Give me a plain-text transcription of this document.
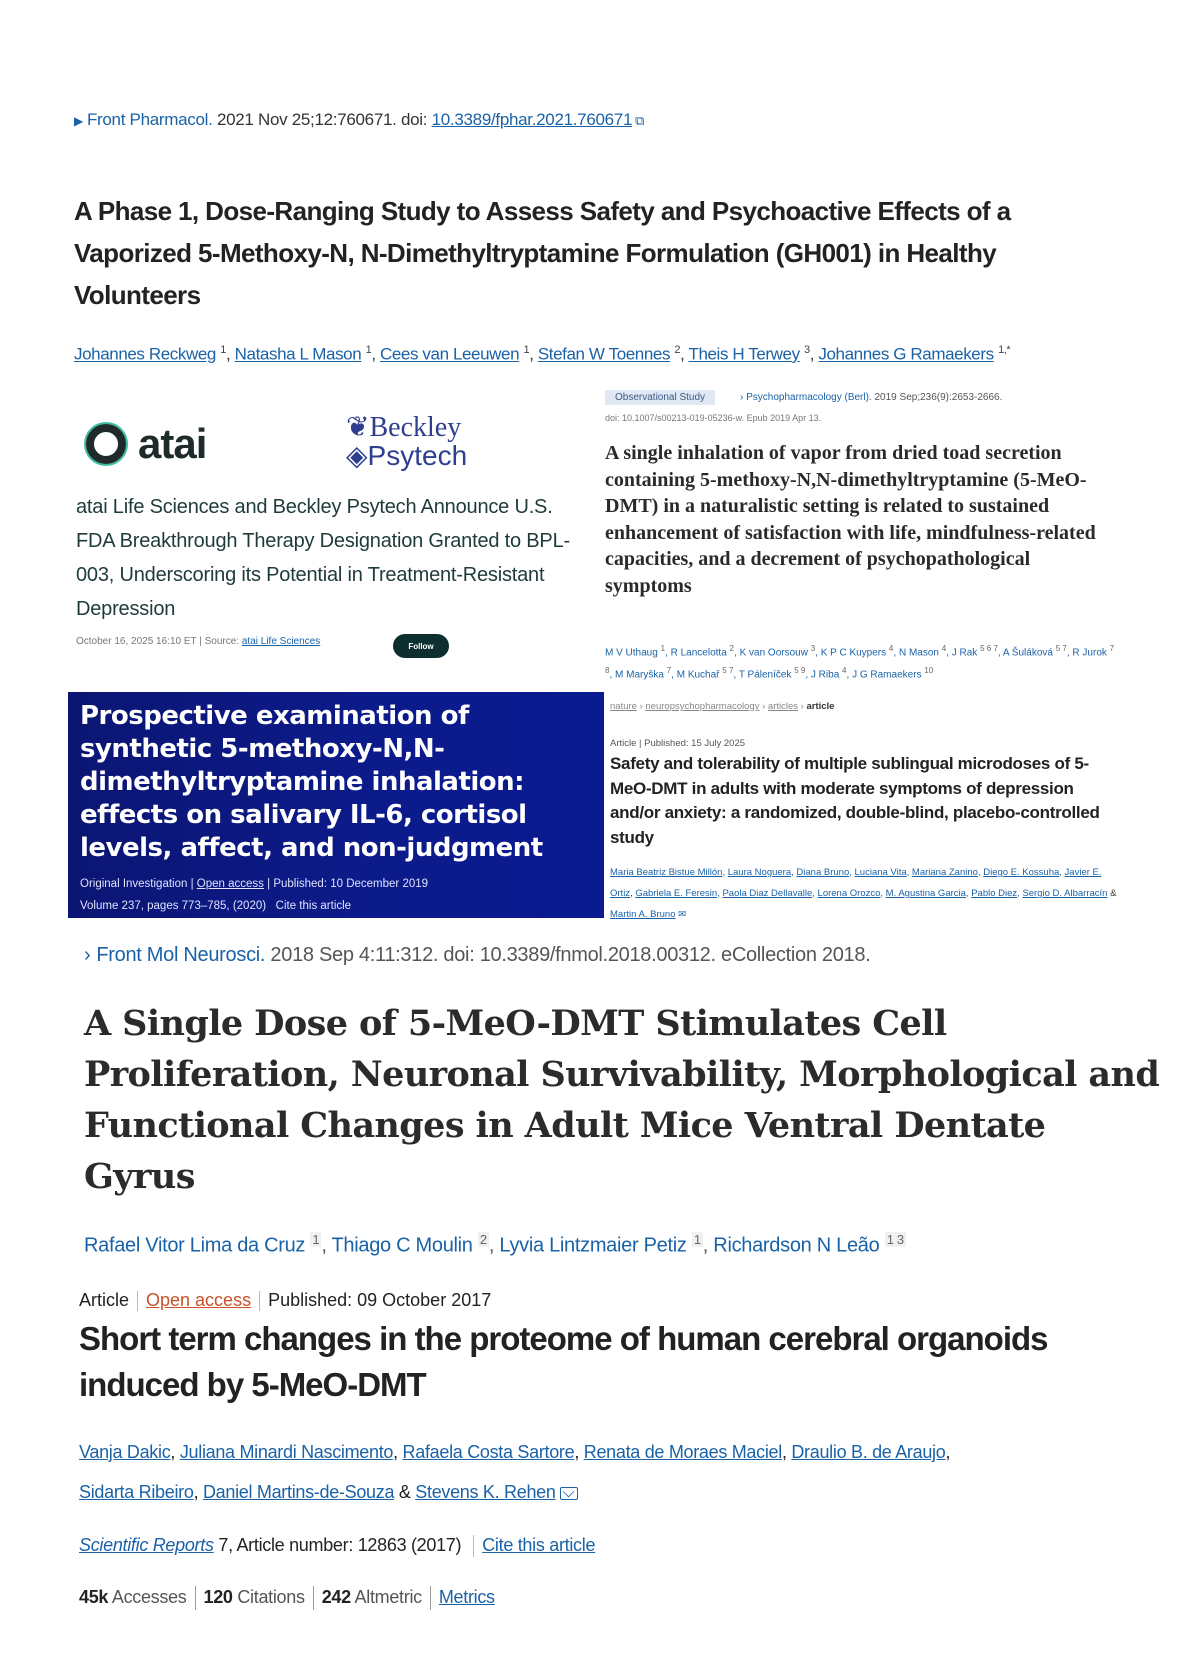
▶ Front Pharmacol. 2021 Nov 25;12:760671. doi: 10.3389/fphar.2021.760671 ⧉
A Phase 1, Dose-Ranging Study to Assess Safety and Psychoactive Effects of a Vaporized 5-Methoxy-N, N-Dimethyltryptamine Formulation (GH001) in Healthy Volunteers
Johannes Reckweg $^1$, Natasha L Mason $^1$, Cees van Leeuwen $^1$, Stefan W Toennes $^2$, Theis H Terwey $^3$, Johannes G Ramaekers $^{1,*}$
atai	❦Beckley
◈Psytech
atai Life Sciences and Beckley Psytech Announce U.S. FDA Breakthrough Therapy Designation Granted to BPL-003, Underscoring its Potential in Treatment-Resistant Depression
October 16, 2025 16:10 ET | Source: atai Life Sciences	Follow
Observational Study	› Psychopharmacology (Berl). 2019 Sep;236(9):2653-2666.
doi: 10.1007/s00213-019-05236-w. Epub 2019 Apr 13.
A single inhalation of vapor from dried toad secretion containing 5-methoxy-N,N-dimethyltryptamine (5-MeO-DMT) in a naturalistic setting is related to sustained enhancement of satisfaction with life, mindfulness-related capacities, and a decrement of psychopathological symptoms
M V Uthaug $^1$, R Lancelotta $^2$, K van Oorsouw $^3$, K P C Kuypers $^4$, N Mason $^4$, J Rak $^{5 6 7}$, A Šuláková $^{5 7}$, R Jurok $^{7 8}$, M Maryška $^7$, M Kuchař $^{5 7}$, T Páleníček $^{5 9}$, J Riba $^4$, J G Ramaekers $^{10}$
Prospective examination of synthetic 5-methoxy-N,N-dimethyltryptamine inhalation: effects on salivary IL-6, cortisol levels, affect, and non-judgment
Original Investigation | Open access | Published: 10 December 2019
Volume 237, pages 773–785, (2020) Cite this article
nature › neuropsychopharmacology › articles › article
Article | Published: 15 July 2025
Safety and tolerability of multiple sublingual microdoses of 5-MeO-DMT in adults with moderate symptoms of depression and/or anxiety: a randomized, double-blind, placebo-controlled study
Maria Beatriz Bistue Millón, Laura Noguera, Diana Bruno, Luciana Vita, Mariana Zanino, Diego E. Kossuha, Javier E. Ortiz, Gabriela E. Feresin, Paola Diaz Dellavalle, Lorena Orozco, M. Agustina Garcia, Pablo Diez, Sergio D. Albarracín & Martin A. Bruno ✉
› Front Mol Neurosci. 2018 Sep 4:11:312. doi: 10.3389/fnmol.2018.00312. eCollection 2018.
A Single Dose of 5-MeO-DMT Stimulates Cell Proliferation, Neuronal Survivability, Morphological and Functional Changes in Adult Mice Ventral Dentate Gyrus
Rafael Vitor Lima da Cruz $^1$ , Thiago C Moulin $^2$ , Lyvia Lintzmaier Petiz $^1$ , Richardson N Leão $^{1 3}$
Article Open access Published: 09 October 2017
Short term changes in the proteome of human cerebral organoids induced by 5-MeO-DMT
Vanja Dakic, Juliana Minardi Nascimento, Rafaela Costa Sartore, Renata de Moraes Maciel, Draulio B. de Araujo,
Sidarta Ribeiro, Daniel Martins-de-Souza & Stevens K. Rehen
Scientific Reports 7, Article number: 12863 (2017) Cite this article
45k Accesses 120 Citations 242 Altmetric Metrics
